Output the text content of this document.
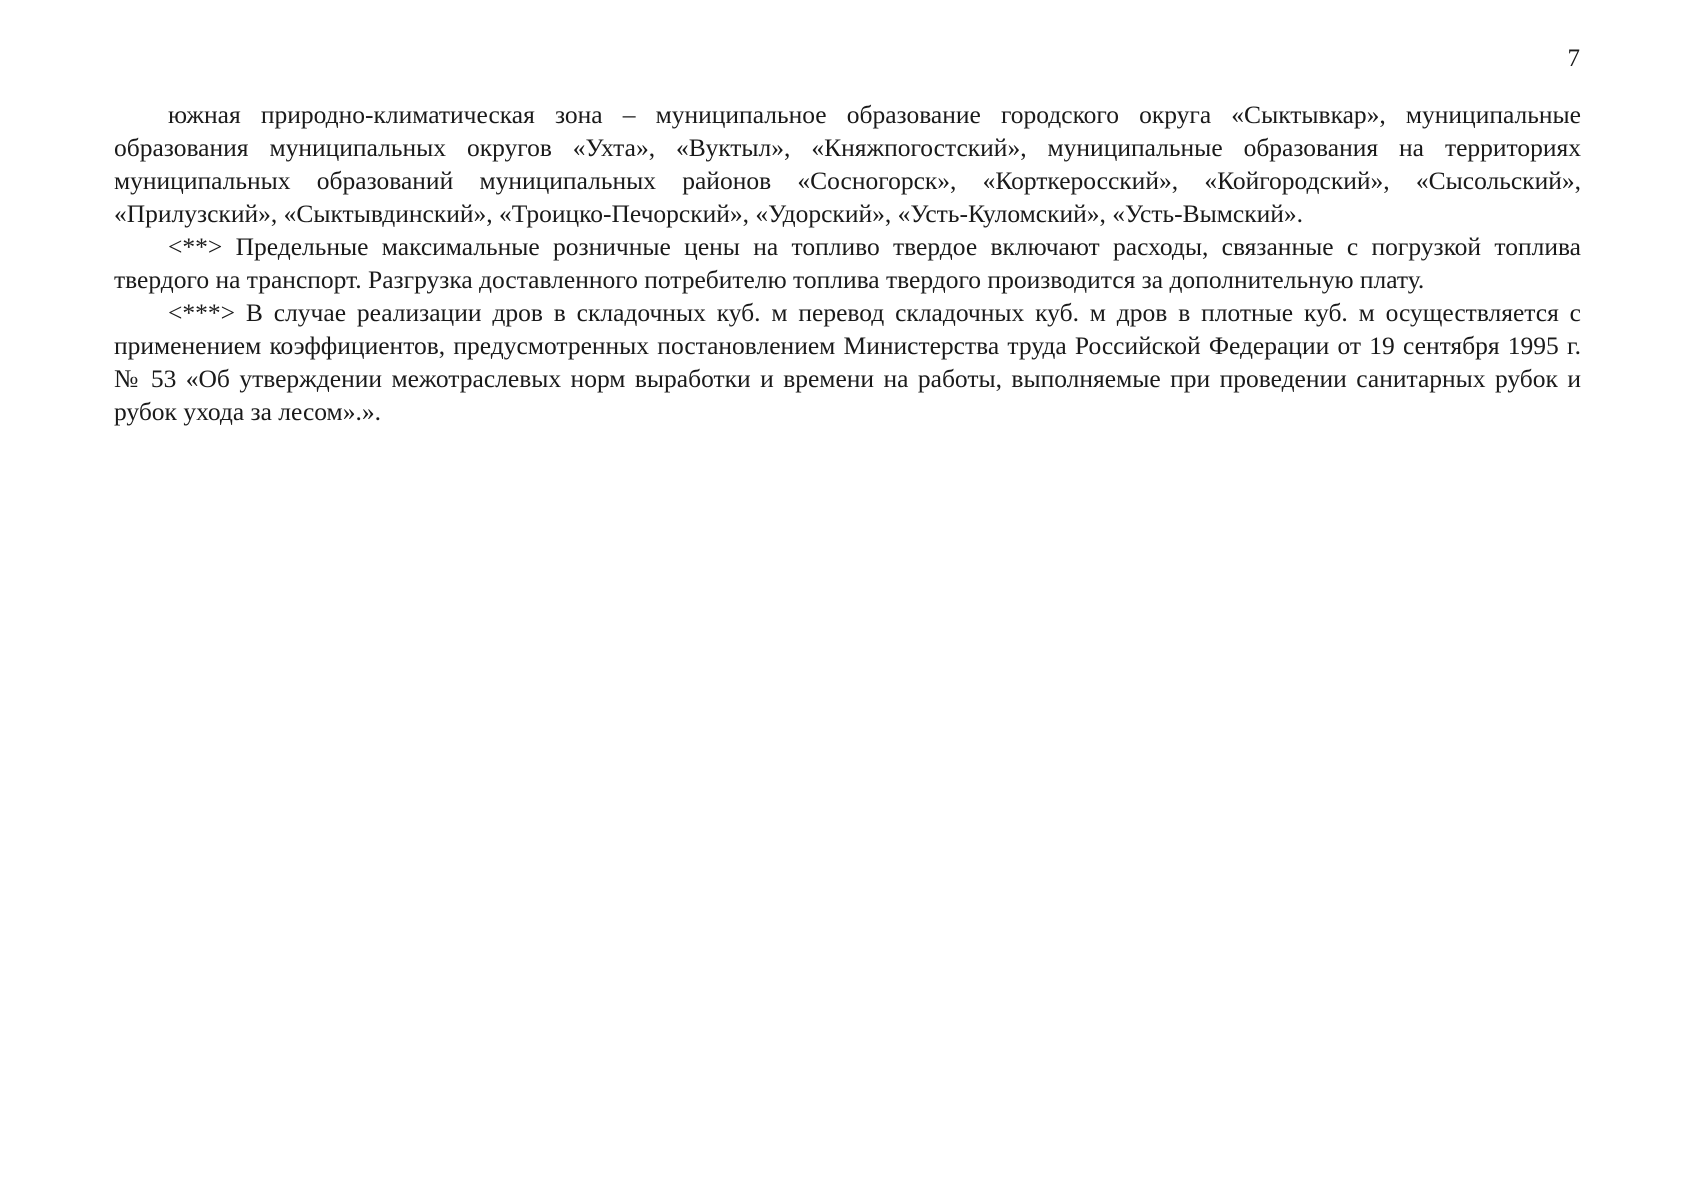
7

южная природно-климатическая зона – муниципальное образование городского округа «Сыктывкар», муниципальные образования муниципальных округов «Ухта», «Вуктыл», «Княжпогостский», муниципальные образования на территориях муниципальных образований муниципальных районов «Сосногорск», «Корткеросский», «Койгородский», «Сысольский», «Прилузский», «Сыктывдинский», «Троицко-Печорский», «Удорский», «Усть-Куломский», «Усть-Вымский».

<**> Предельные максимальные розничные цены на топливо твердое включают расходы, связанные с погрузкой топлива твердого на транспорт. Разгрузка доставленного потребителю топлива твердого производится за дополнительную плату.

<***> В случае реализации дров в складочных куб. м перевод складочных куб. м дров в плотные куб. м осуществляется с применением коэффициентов, предусмотренных постановлением Министерства труда Российской Федерации от 19 сентября 1995 г. № 53 «Об утверждении межотраслевых норм выработки и времени на работы, выполняемые при проведении санитарных рубок и рубок ухода за лесом».».
